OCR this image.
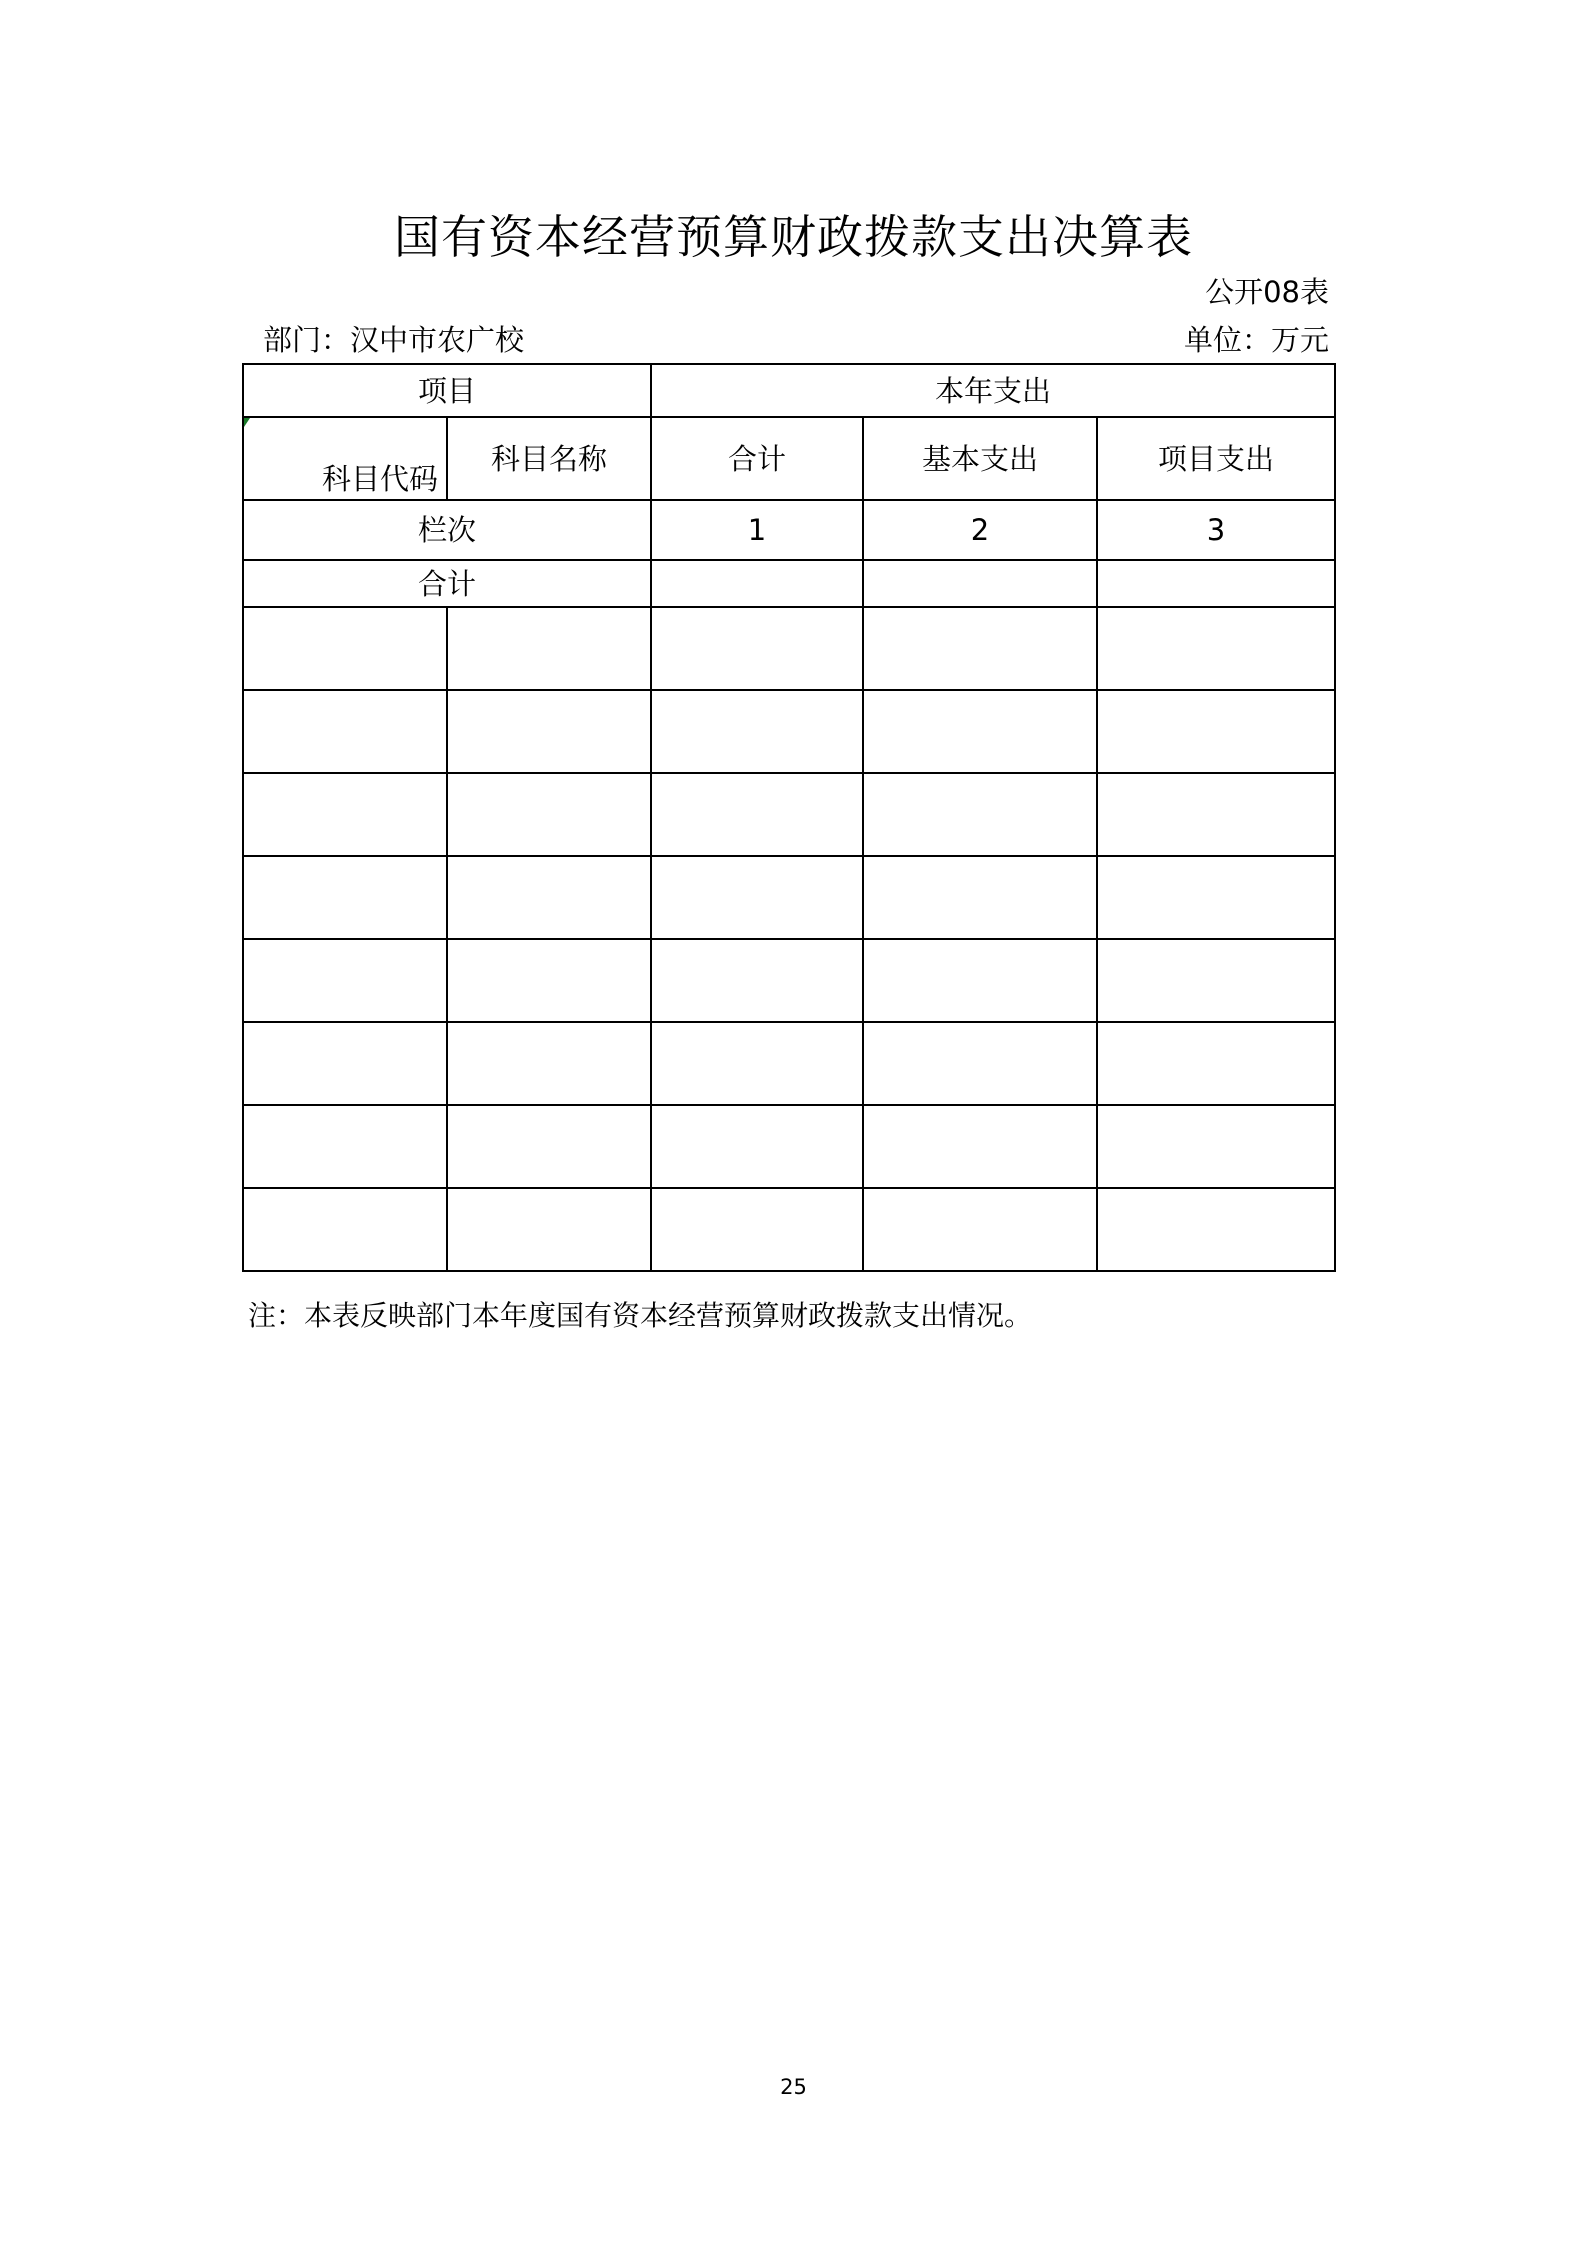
国有资本经营预算财政拨款支出决算表
公开08表
部门：汉中市农广校	单位：万元
项目		本年支出		

科目代码	科目名称	合计	基本支出	项目支出
栏次		1	2	3
合计				

注：本表反映部门本年度国有资本经营预算财政拨款支出情况。
25
